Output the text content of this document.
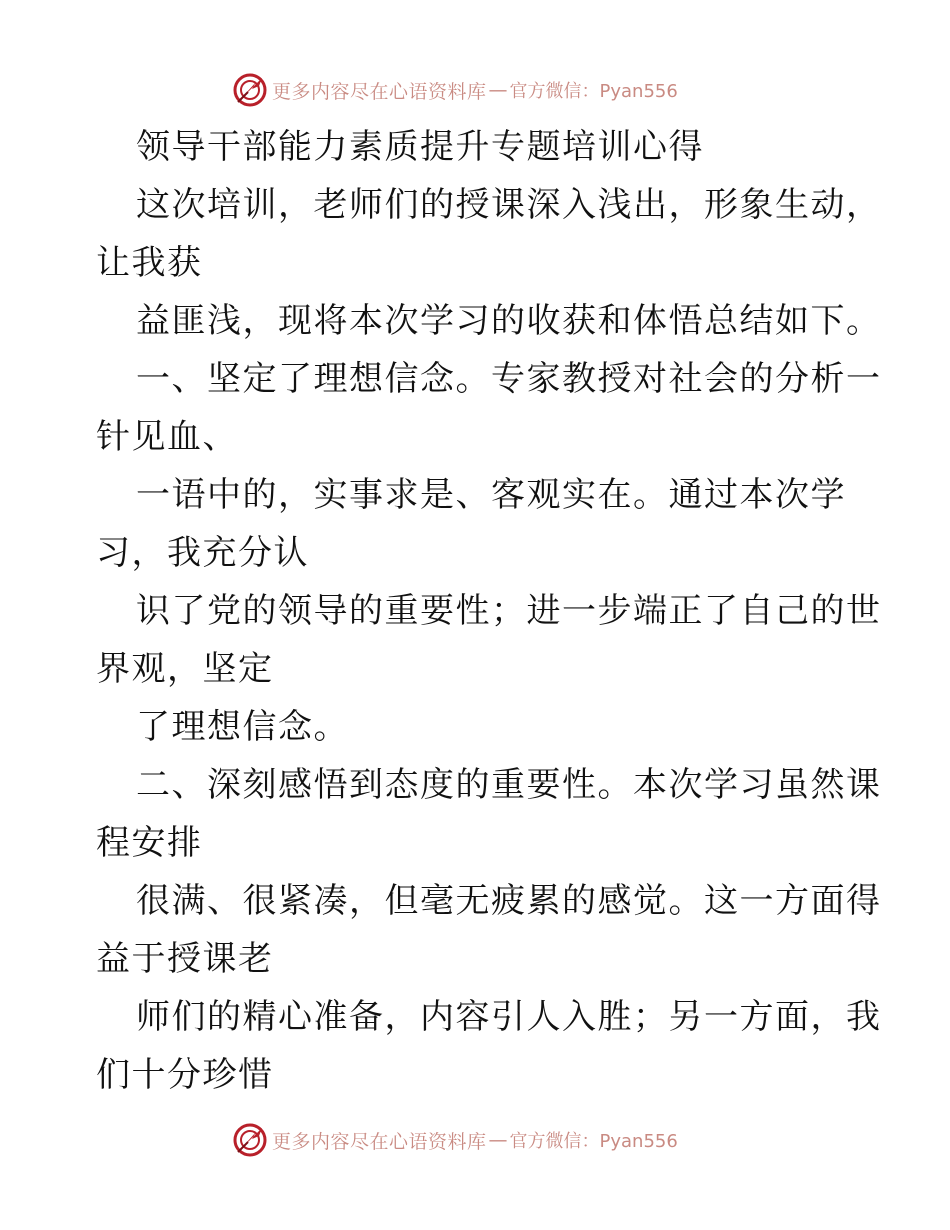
更多内容尽在心语资料库 — 官方微信：Pyan556
领导干部能力素质提升专题培训心得
这次培训，老师们的授课深入浅出，形象生动，
让我获
益匪浅，现将本次学习的收获和体悟总结如下。
一、坚定了理想信念。专家教授对社会的分析一
针见血、
一语中的，实事求是、客观实在。通过本次学
习，我充分认
识了党的领导的重要性；进一步端正了自己的世
界观，坚定
了理想信念。
二、深刻感悟到态度的重要性。本次学习虽然课
程安排
很满、很紧凑，但毫无疲累的感觉。这一方面得
益于授课老
师们的精心准备，内容引人入胜；另一方面，我
们十分珍惜
更多内容尽在心语资料库 — 官方微信：Pyan556
